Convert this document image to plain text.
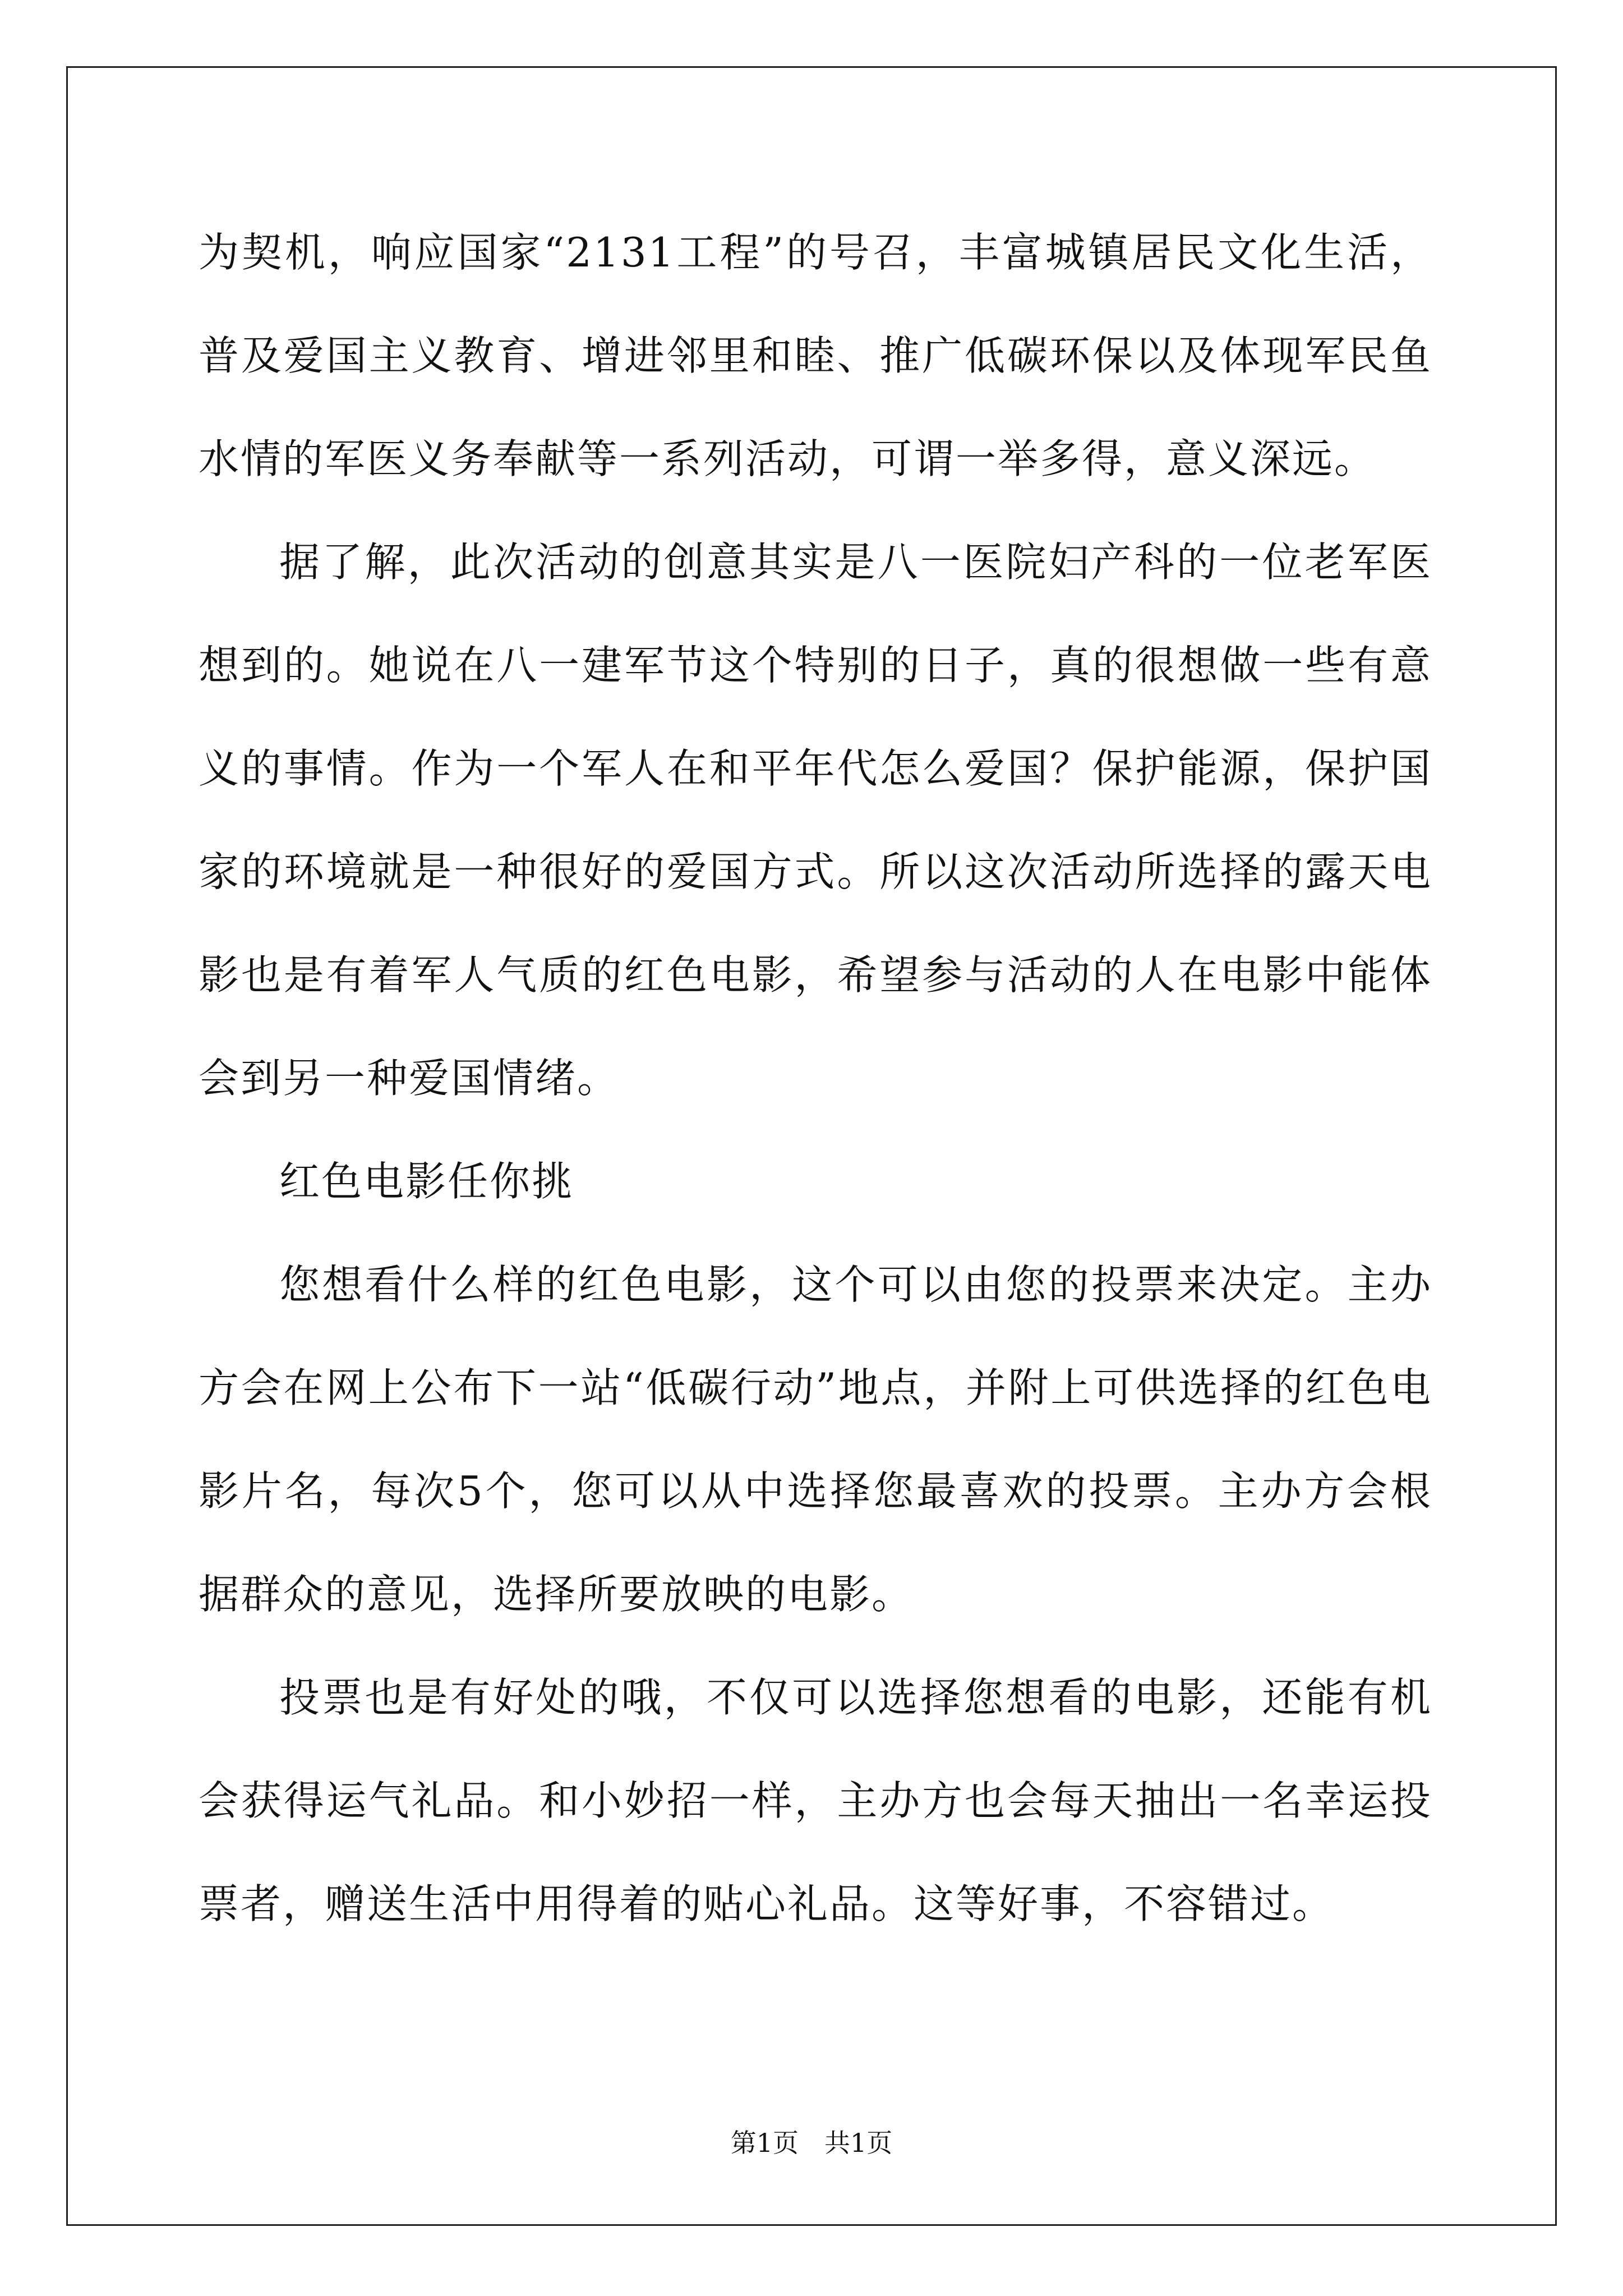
为契机，响应国家“2131工程”的号召，丰富城镇居民文化生活，普及爱国主义教育、增进邻里和睦、推广低碳环保以及体现军民鱼水情的军医义务奉献等一系列活动，可谓一举多得，意义深远。

据了解，此次活动的创意其实是八一医院妇产科的一位老军医想到的。她说在八一建军节这个特别的日子，真的很想做一些有意义的事情。作为一个军人在和平年代怎么爱国？保护能源，保护国家的环境就是一种很好的爱国方式。所以这次活动所选择的露天电影也是有着军人气质的红色电影，希望参与活动的人在电影中能体会到另一种爱国情绪。

红色电影任你挑

您想看什么样的红色电影，这个可以由您的投票来决定。主办方会在网上公布下一站“低碳行动”地点，并附上可供选择的红色电影片名，每次5个，您可以从中选择您最喜欢的投票。主办方会根据群众的意见，选择所要放映的电影。

投票也是有好处的哦，不仅可以选择您想看的电影，还能有机会获得运气礼品。和小妙招一样，主办方也会每天抽出一名幸运投票者，赠送生活中用得着的贴心礼品。这等好事，不容错过。

第1页　共1页
